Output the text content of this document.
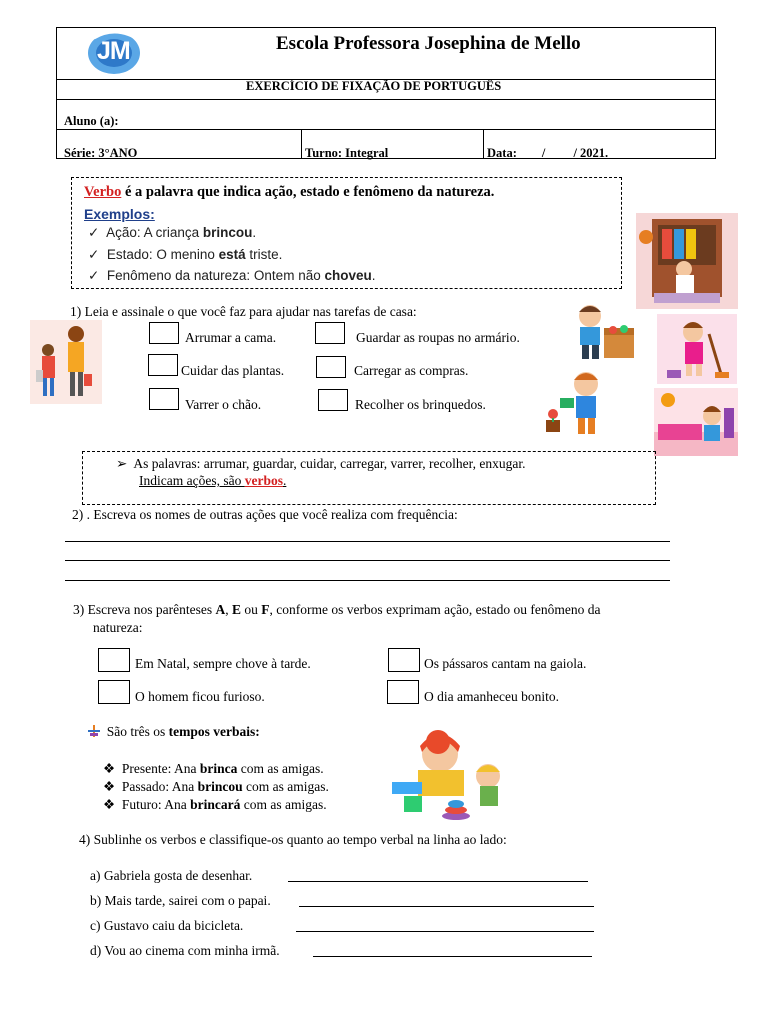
JM	Escola Professora Josephina de Mello
EXERCÍCIO DE FIXAÇÃO DE PORTUGUÊS
Aluno (a):
Série: 3°ANO	Turno: Integral	Data:____/____ / 2021.
Verbo é a palavra que indica ação, estado e fenômeno da natureza.
Exemplos:
✓ Ação: A criança brincou.
✓ Estado: O menino está triste.
✓ Fenômeno da natureza: Ontem não choveu.
1) Leia e assinale o que você faz para ajudar nas tarefas de casa:
Arrumar a cama.	Guardar as roupas no armário.
Cuidar das plantas.	Carregar as compras.
Varrer o chão.	Recolher os brinquedos.
➢ As palavras: arrumar, guardar, cuidar, carregar, varrer, recolher, enxugar.
Indicam ações, são verbos.
2) . Escreva os nomes de outras ações que você realiza com frequência:
3) Escreva nos parênteses A, E ou F, conforme os verbos exprimam ação, estado ou fenômeno da
natureza:
Em Natal, sempre chove à tarde.	Os pássaros cantam na gaiola.
O homem ficou furioso.	O dia amanheceu bonito.
São três os tempos verbais:
❖ Presente: Ana brinca com as amigas.
❖ Passado: Ana brincou com as amigas.
❖ Futuro: Ana brincará com as amigas.
4) Sublinhe os verbos e classifique-os quanto ao tempo verbal na linha ao lado:
a) Gabriela gosta de desenhar.
b) Mais tarde, sairei com o papai.
c) Gustavo caiu da bicicleta.
d) Vou ao cinema com minha irmã.
